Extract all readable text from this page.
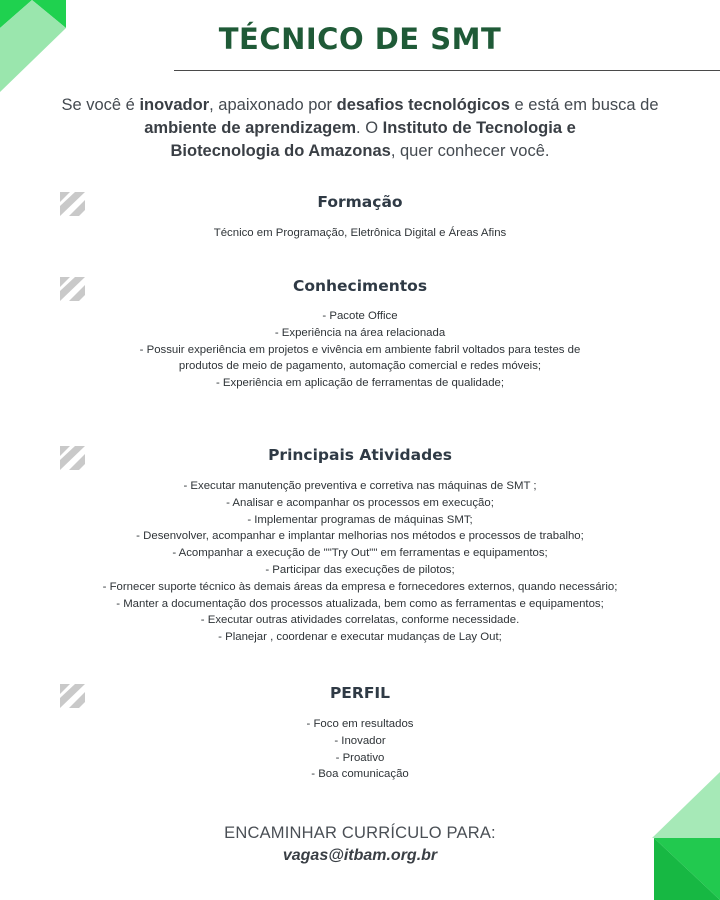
TÉCNICO DE SMT
Se você é inovador, apaixonado por desafios tecnológicos e está em busca de
ambiente de aprendizagem. O Instituto de Tecnologia e
Biotecnologia do Amazonas, quer conhecer você.
Formação
Técnico em Programação, Eletrônica Digital e Áreas Afins
Conhecimentos
- Pacote Office
- Experiência na área relacionada
- Possuir experiência em projetos e vivência em ambiente fabril voltados para testes de
produtos de meio de pagamento, automação comercial e redes móveis;
- Experiência em aplicação de ferramentas de qualidade;
Principais Atividades
- Executar manutenção preventiva e corretiva nas máquinas de SMT ;
- Analisar e acompanhar os processos em execução;
- Implementar programas de máquinas SMT;
- Desenvolver, acompanhar e implantar melhorias nos métodos e processos de trabalho;
- Acompanhar a execução de ""Try Out"" em ferramentas e equipamentos;
- Participar das execuções de pilotos;
- Fornecer suporte técnico às demais áreas da empresa e fornecedores externos, quando necessário;
- Manter a documentação dos processos atualizada, bem como as ferramentas e equipamentos;
- Executar outras atividades correlatas, conforme necessidade.
- Planejar , coordenar e executar mudanças de Lay Out;
PERFIL
- Foco em resultados
- Inovador
- Proativo
- Boa comunicação
ENCAMINHAR CURRÍCULO PARA:
vagas@itbam.org.br
